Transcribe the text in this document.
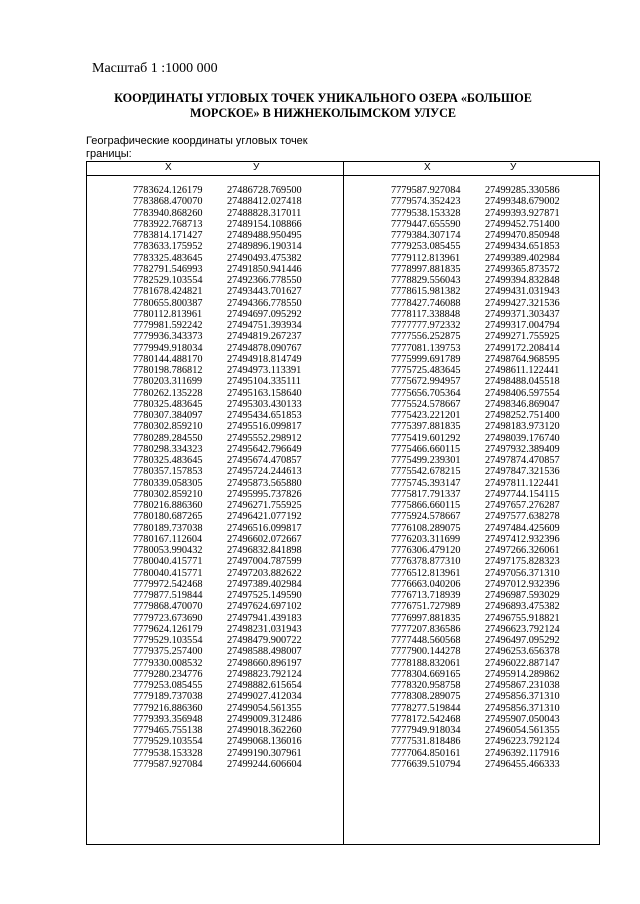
Масштаб 1 :1000 000
КООРДИНАТЫ УГЛОВЫХ ТОЧЕК УНИКАЛЬНОГО ОЗЕРА «БОЛЬШОЕ
МОРСКОЕ» В НИЖНЕКОЛЫМСКОМ УЛУСЕ
Географические координаты угловых точек
границы:
Х	У
7783624.126179 27486728.769500
7783868.470070 27488412.027418
7783940.868260 27488828.317011
7783922.768713 27489154.108866
7783814.171427 27489488.950495
7783633.175952 27489896.190314
7783325.483645 27490493.475382
7782791.546993 27491850.941446
7782529.103554 27492366.778550
7781678.424821 27493443.701627
7780655.800387 27494366.778550
7780112.813961 27494697.095292
7779981.592242 27494751.393934
7779936.343373 27494819.267237
7779949.918034 27494878.090767
7780144.488170 27494918.814749
7780198.786812 27494973.113391
7780203.311699 27495104.335111
7780262.135228 27495163.158640
7780325.483645 27495303.430133
7780307.384097 27495434.651853
7780302.859210 27495516.099817
7780289.284550 27495552.298912
7780298.334323 27495642.796649
7780325.483645 27495674.470857
7780357.157853 27495724.244613
7780339.058305 27495873.565880
7780302.859210 27495995.737826
7780216.886360 27496271.755925
7780180.687265 27496421.077192
7780189.737038 27496516.099817
7780167.112604 27496602.072667
7780053.990432 27496832.841898
7780040.415771 27497004.787599
7780040.415771 27497203.882622
7779972.542468 27497389.402984
7779877.519844 27497525.149590
7779868.470070 27497624.697102
7779723.673690 27497941.439183
7779624.126179 27498231.031943
7779529.103554 27498479.900722
7779375.257400 27498588.498007
7779330.008532 27498660.896197
7779280.234776 27498823.792124
7779253.085455 27498882.615654
7779189.737038 27499027.412034
7779216.886360 27499054.561355
7779393.356948 27499009.312486
7779465.755138 27499018.362260
7779529.103554 27499068.136016
7779538.153328 27499190.307961
7779587.927084 27499244.606604
Х	У
7779587.927084 27499285.330586
7779574.352423 27499348.679002
7779538.153328 27499393.927871
7779447.655590 27499452.751400
7779384.307174 27499470.850948
7779253.085455 27499434.651853
7779112.813961 27499389.402984
7778997.881835 27499365.873572
7778829.556043 27499394.832848
7778615.981382 27499431.031943
7778427.746088 27499427.321536
7778117.338848 27499371.303437
7777777.972332 27499317.004794
7777556.252875 27499271.755925
7777081.139753 27499172.208414
7775999.691789 27498764.968595
7775725.483645 27498611.122441
7775672.994957 27498488.045518
7775656.705364 27498406.597554
7775524.578667 27498346.869047
7775423.221201 27498252.751400
7775397.881835 27498183.973120
7775419.601292 27498039.176740
7775466.660115 27497932.389409
7775499.239301 27497874.470857
7775542.678215 27497847.321536
7775745.393147 27497811.122441
7775817.791337 27497744.154115
7775866.660115 27497657.276287
7775924.578667 27497577.638278
7776108.289075 27497484.425609
7776203.311699 27497412.932396
7776306.479120 27497266.326061
7776378.877310 27497175.828323
7776512.813961 27497056.371310
7776663.040206 27497012.932396
7776713.718939 27496987.593029
7776751.727989 27496893.475382
7776997.881835 27496755.918821
7777207.836586 27496623.792124
7777448.560568 27496497.095292
7777900.144278 27496253.656378
7778188.832061 27496022.887147
7778304.669165 27495914.289862
7778320.958758 27495867.231038
7778308.289075 27495856.371310
7778277.519844 27495856.371310
7778172.542468 27495907.050043
7777949.918034 27496054.561355
7777531.818486 27496223.792124
7777064.850161 27496392.117916
7776639.510794 27496455.466333
